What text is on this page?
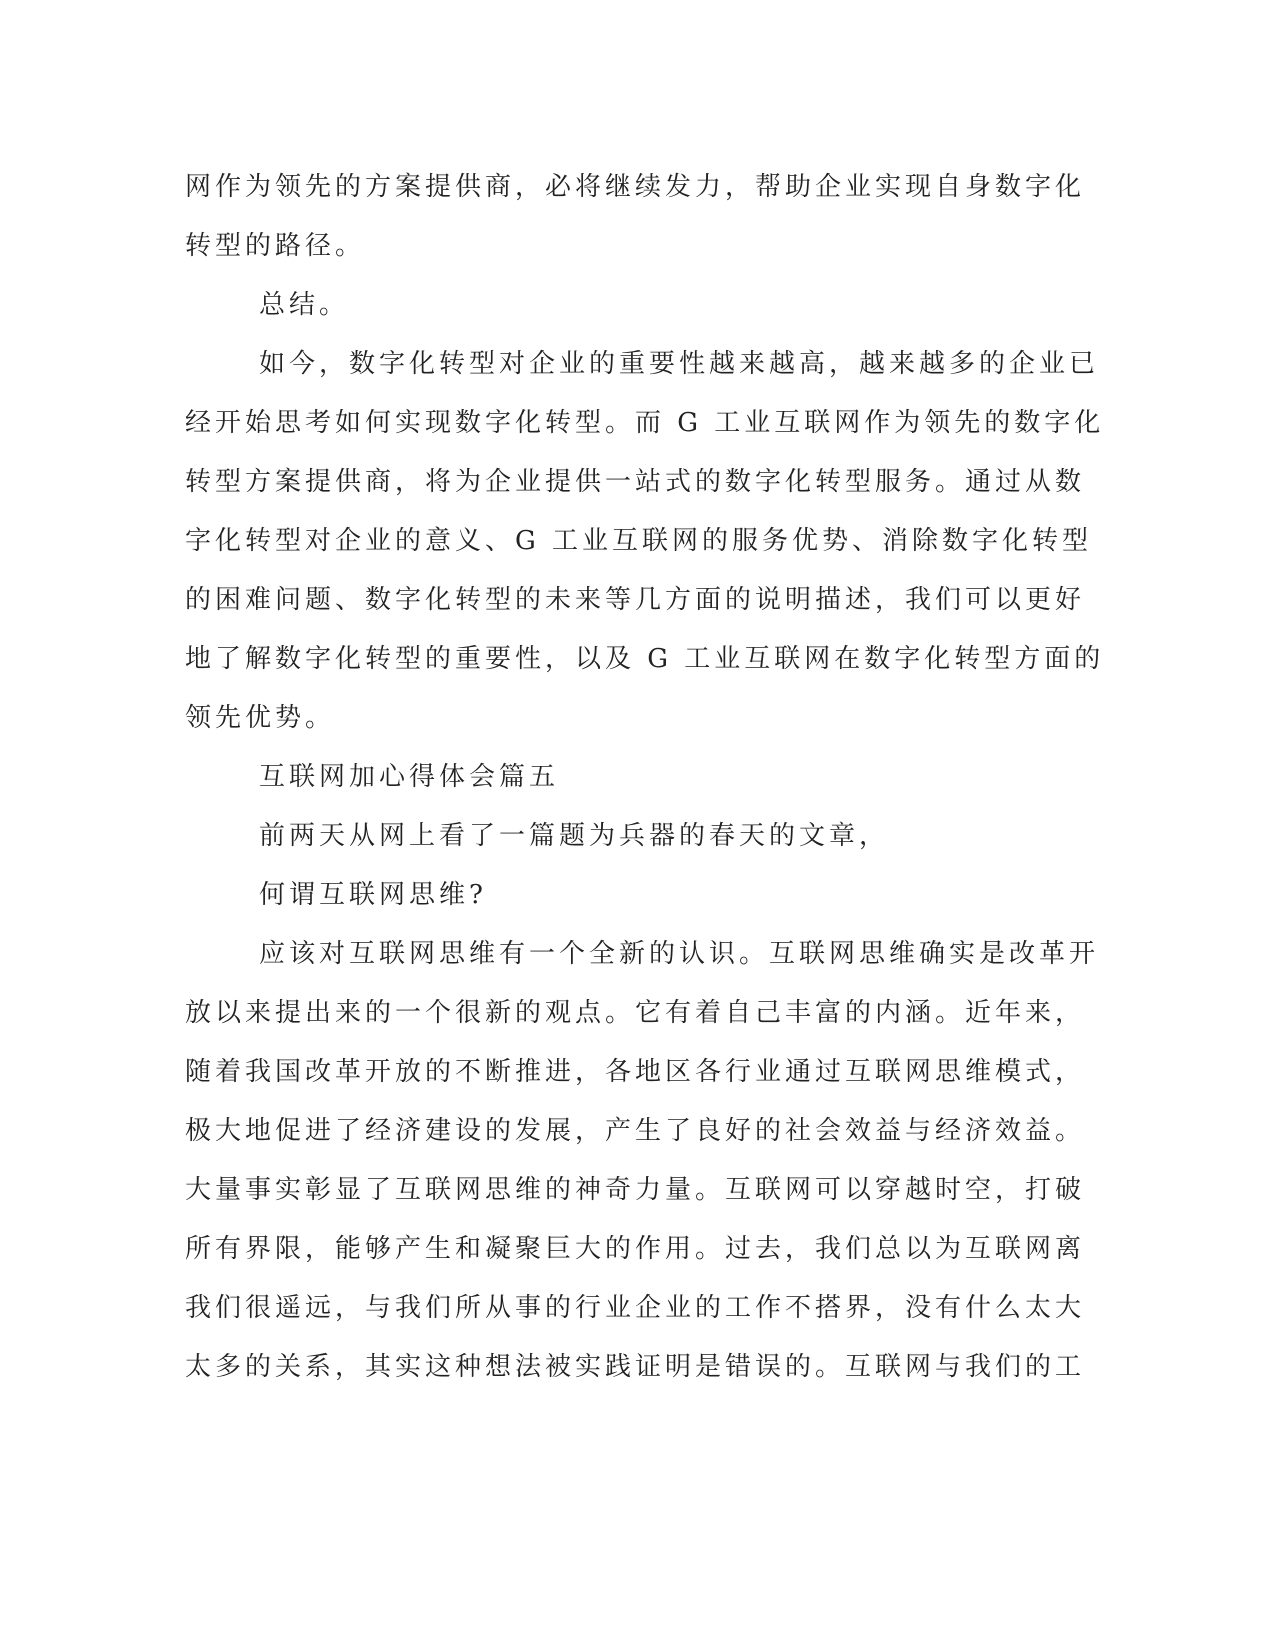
网作为领先的方案提供商，必将继续发力，帮助企业实现自身数字化
转型的路径。
总结。
如今，数字化转型对企业的重要性越来越高，越来越多的企业已
经开始思考如何实现数字化转型。而 G 工业互联网作为领先的数字化
转型方案提供商，将为企业提供一站式的数字化转型服务。通过从数
字化转型对企业的意义、G 工业互联网的服务优势、消除数字化转型
的困难问题、数字化转型的未来等几方面的说明描述，我们可以更好
地了解数字化转型的重要性，以及 G 工业互联网在数字化转型方面的
领先优势。
互联网加心得体会篇五
前两天从网上看了一篇题为兵器的春天的文章，
何谓互联网思维?
应该对互联网思维有一个全新的认识。互联网思维确实是改革开
放以来提出来的一个很新的观点。它有着自己丰富的内涵。近年来，
随着我国改革开放的不断推进，各地区各行业通过互联网思维模式，
极大地促进了经济建设的发展，产生了良好的社会效益与经济效益。
大量事实彰显了互联网思维的神奇力量。互联网可以穿越时空，打破
所有界限，能够产生和凝聚巨大的作用。过去，我们总以为互联网离
我们很遥远，与我们所从事的行业企业的工作不搭界，没有什么太大
太多的关系，其实这种想法被实践证明是错误的。互联网与我们的工
